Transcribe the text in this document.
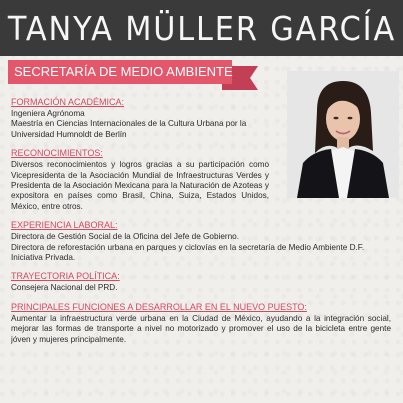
TANYA MÜLLER GARCÍA
SECRETARÍA DE MEDIO AMBIENTE
FORMACIÓN ACADÉMICA:

Ingeniera Agrónoma

Maestría en Ciencias Internacionales de la Cultura Urbana por la Universidad Humnoldt de Berlín

RECONOCIMIENTOS:

Diversos reconocimientos y logros gracias a su participación como Vicepresidenta de la Asociación Mundial de Infraestructuras Verdes y Presidenta de la Asociación Mexicana para la Naturación de Azoteas y expositora en países como Brasil, China, Suiza, Estados Unidos, México, entre otros.

EXPERIENCIA LABORAL:

Directora de Gestión Social de la Oficina del Jefe de Gobierno.

Directora de reforestación urbana en parques y ciclovías en la secretaría de Medio Ambiente D.F. Iniciativa Privada.

TRAYECTORIA POLÍTICA:

Consejera Nacional del PRD.

PRINCIPALES FUNCIONES A DESARROLLAR EN EL NUEVO PUESTO:

Aumentar la infraestructura verde urbana en la Ciudad de México, ayudando a la integración social, mejorar las formas de transporte a nivel no motorizado y promover el uso de la bicicleta entre gente jóven y mujeres principalmente.
